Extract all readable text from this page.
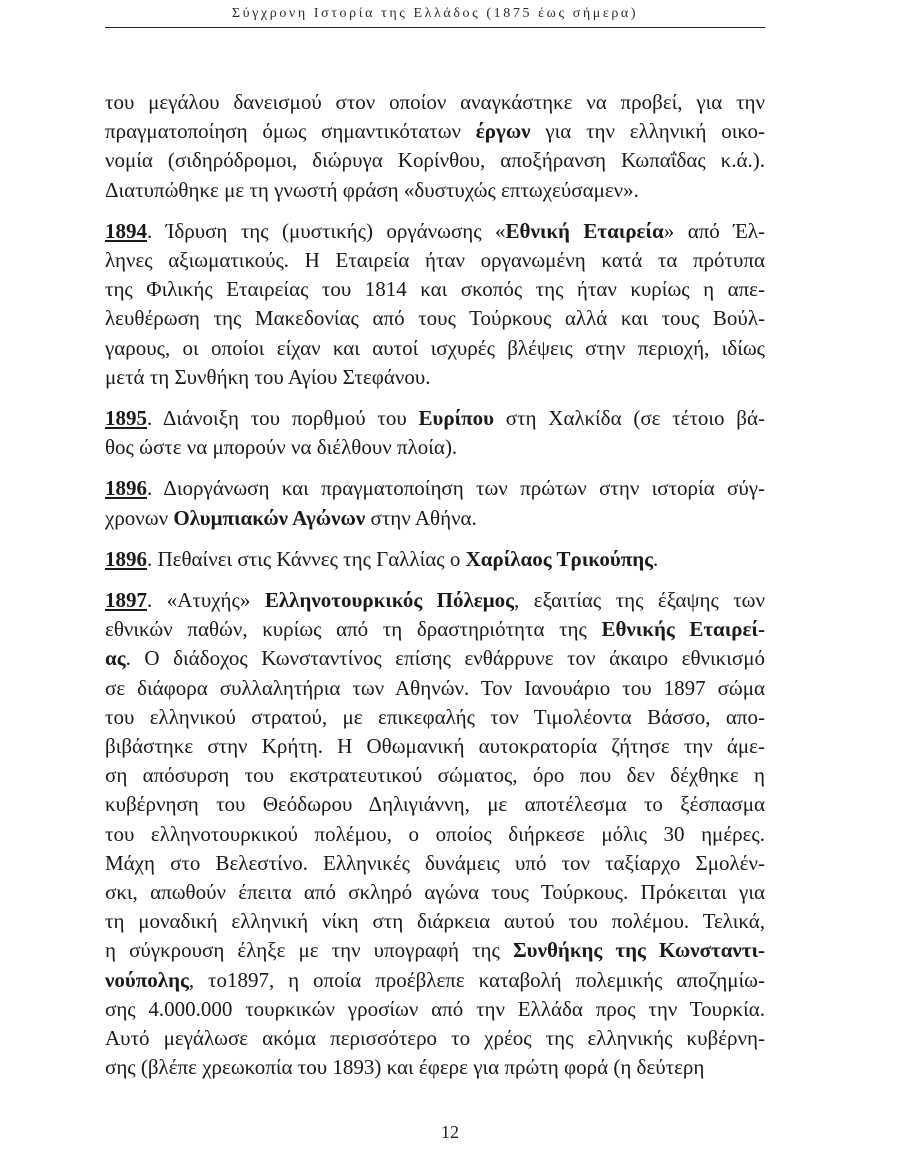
Σύγχρονη Ιστορία της Ελλάδος (1875 έως σήμερα)
του μεγάλου δανεισμού στον οποίον αναγκάστηκε να προβεί, για την
πραγματοποίηση όμως σημαντικότατων έργων για την ελληνική οικο-
νομία (σιδηρόδρομοι, διώρυγα Κορίνθου, αποξήρανση Κωπαΐδας κ.ά.).
Διατυπώθηκε με τη γνωστή φράση «δυστυχώς επτωχεύσαμεν».
1894. Ίδρυση της (μυστικής) οργάνωσης «Εθνική Εταιρεία» από Έλ-
ληνες αξιωματικούς. Η Εταιρεία ήταν οργανωμένη κατά τα πρότυπα
της Φιλικής Εταιρείας του 1814 και σκοπός της ήταν κυρίως η απε-
λευθέρωση της Μακεδονίας από τους Τούρκους αλλά και τους Βούλ-
γαρους, οι οποίοι είχαν και αυτοί ισχυρές βλέψεις στην περιοχή, ιδίως
μετά τη Συνθήκη του Αγίου Στεφάνου.
1895. Διάνοιξη του πορθμού του Ευρίπου στη Χαλκίδα (σε τέτοιο βά-
θος ώστε να μπορούν να διέλθουν πλοία).
1896. Διοργάνωση και πραγματοποίηση των πρώτων στην ιστορία σύγ-
χρονων Ολυμπιακών Αγώνων στην Αθήνα.
1896. Πεθαίνει στις Κάννες της Γαλλίας ο Χαρίλαος Τρικούπης.
1897. «Ατυχής» Ελληνοτουρκικός Πόλεμος, εξαιτίας της έξαψης των
εθνικών παθών, κυρίως από τη δραστηριότητα της Εθνικής Εταιρεί-
ας. Ο διάδοχος Κωνσταντίνος επίσης ενθάρρυνε τον άκαιρο εθνικισμό
σε διάφορα συλλαλητήρια των Αθηνών. Τον Ιανουάριο του 1897 σώμα
του ελληνικού στρατού, με επικεφαλής τον Τιμολέοντα Βάσσο, απο-
βιβάστηκε στην Κρήτη. Η Οθωμανική αυτοκρατορία ζήτησε την άμε-
ση απόσυρση του εκστρατευτικού σώματος, όρο που δεν δέχθηκε η
κυβέρνηση του Θεόδωρου Δηλιγιάννη, με αποτέλεσμα το ξέσπασμα
του ελληνοτουρκικού πολέμου, ο οποίος διήρκεσε μόλις 30 ημέρες.
Μάχη στο Βελεστίνο. Ελληνικές δυνάμεις υπό τον ταξίαρχο Σμολέν-
σκι, απωθούν έπειτα από σκληρό αγώνα τους Τούρκους. Πρόκειται για
τη μοναδική ελληνική νίκη στη διάρκεια αυτού του πολέμου. Τελικά,
η σύγκρουση έληξε με την υπογραφή της Συνθήκης της Κωνσταντι-
νούπολης, το1897, η οποία προέβλεπε καταβολή πολεμικής αποζημίω-
σης 4.000.000 τουρκικών γροσίων από την Ελλάδα προς την Τουρκία.
Αυτό μεγάλωσε ακόμα περισσότερο το χρέος της ελληνικής κυβέρνη-
σης (βλέπε χρεωκοπία του 1893) και έφερε για πρώτη φορά (η δεύτερη
12
